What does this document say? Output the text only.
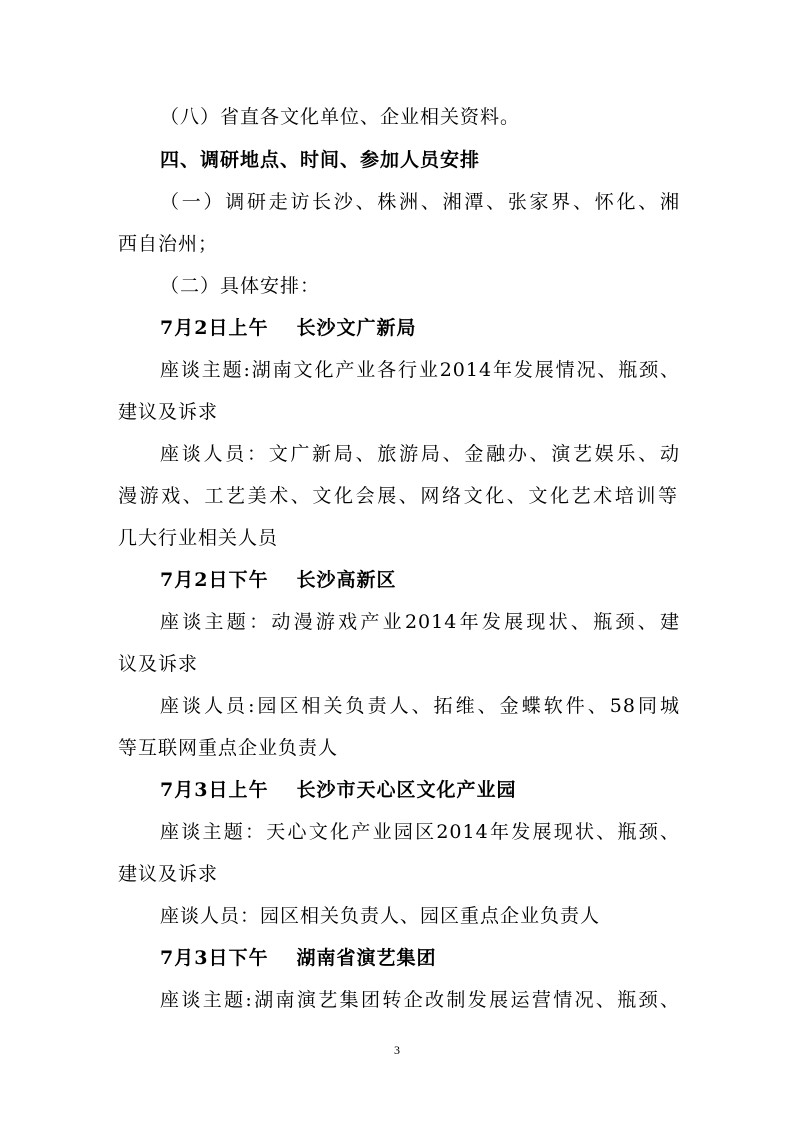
（八）省直各文化单位、企业相关资料。
四、调研地点、时间、参加人员安排
（一）调研走访长沙、株洲、湘潭、张家界、怀化、湘
西自治州；
（二）具体安排：
7月2日上午 长沙文广新局
座谈主题:湖南文化产业各行业2014年发展情况、瓶颈、
建议及诉求
座谈人员：文广新局、旅游局、金融办、演艺娱乐、动
漫游戏、工艺美术、文化会展、网络文化、文化艺术培训等
几大行业相关人员
7月2日下午 长沙高新区
座谈主题：动漫游戏产业2014年发展现状、瓶颈、建
议及诉求
座谈人员:园区相关负责人、拓维、金蝶软件、58同城
等互联网重点企业负责人
7月3日上午 长沙市天心区文化产业园
座谈主题：天心文化产业园区2014年发展现状、瓶颈、
建议及诉求
座谈人员：园区相关负责人、园区重点企业负责人
7月3日下午 湖南省演艺集团
座谈主题:湖南演艺集团转企改制发展运营情况、瓶颈、
3
